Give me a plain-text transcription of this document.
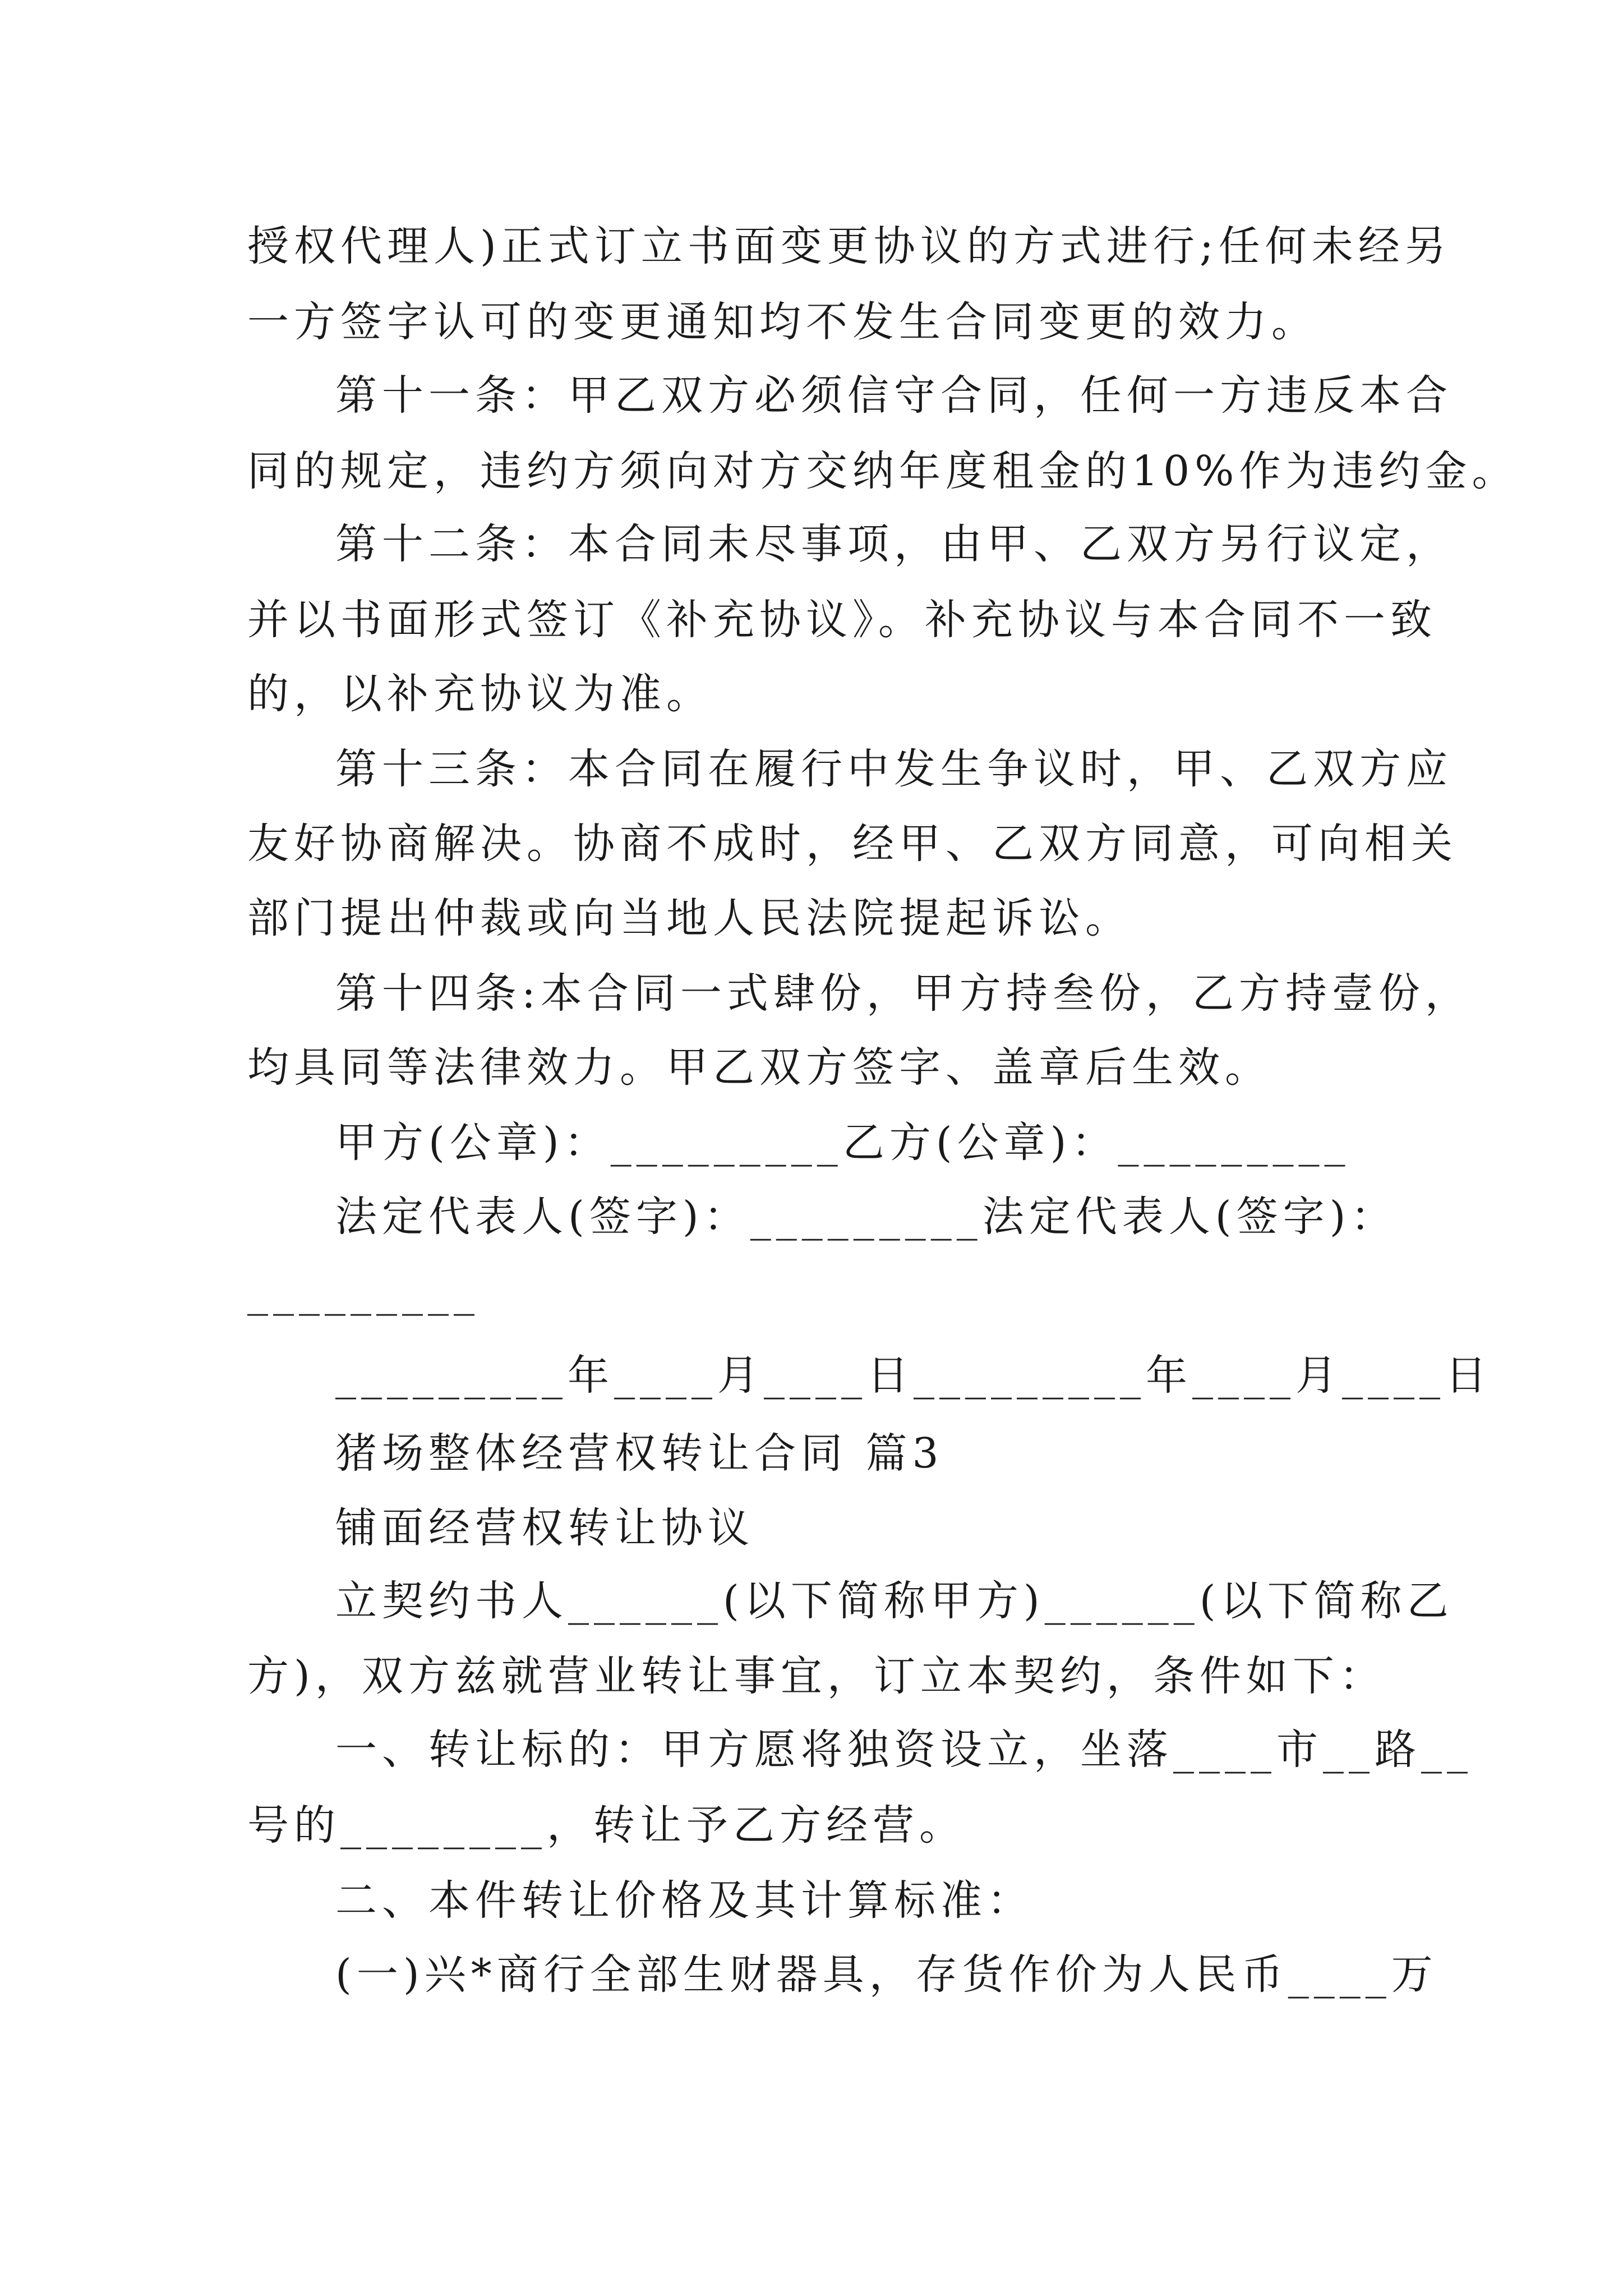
授权代理人)正式订立书面变更协议的方式进行;任何未经另
一方签字认可的变更通知均不发生合同变更的效力。
第十一条：甲乙双方必须信守合同，任何一方违反本合
同的规定，违约方须向对方交纳年度租金的10%作为违约金。
第十二条：本合同未尽事项，由甲、乙双方另行议定，
并以书面形式签订《补充协议》。补充协议与本合同不一致
的，以补充协议为准。
第十三条：本合同在履行中发生争议时，甲、乙双方应
友好协商解决。协商不成时，经甲、乙双方同意，可向相关
部门提出仲裁或向当地人民法院提起诉讼。
第十四条:本合同一式肆份，甲方持叁份，乙方持壹份，
均具同等法律效力。甲乙双方签字、盖章后生效。
甲方(公章)：_________乙方(公章)：_________
法定代表人(签字)：_________法定代表人(签字)：
_________
_________年____月____日_________年____月____日
猪场整体经营权转让合同 篇3
铺面经营权转让协议
立契约书人______(以下简称甲方)______(以下简称乙
方)，双方兹就营业转让事宜，订立本契约，条件如下：
一、转让标的：甲方愿将独资设立，坐落____市__路__
号的________，转让予乙方经营。
二、本件转让价格及其计算标准：
(一)兴*商行全部生财器具，存货作价为人民币____万
